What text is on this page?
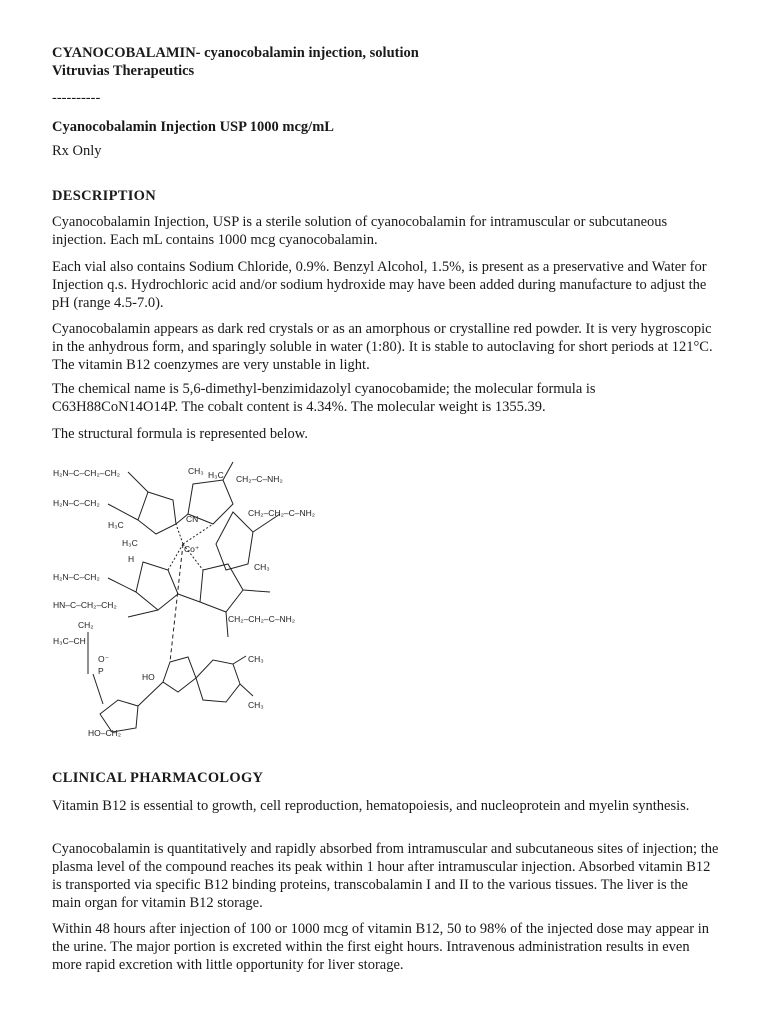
CYANOCOBALAMIN- cyanocobalamin injection, solution
Vitruvias Therapeutics
----------
Cyanocobalamin Injection USP 1000 mcg/mL
Rx Only
DESCRIPTION

Cyanocobalamin Injection, USP is a sterile solution of cyanocobalamin for intramuscular or subcutaneous injection. Each mL contains 1000 mcg cyanocobalamin.

Each vial also contains Sodium Chloride, 0.9%. Benzyl Alcohol, 1.5%, is present as a preservative and Water for Injection q.s. Hydrochloric acid and/or sodium hydroxide may have been added during manufacture to adjust the pH (range 4.5-7.0).

Cyanocobalamin appears as dark red crystals or as an amorphous or crystalline red powder. It is very hygroscopic in the anhydrous form, and sparingly soluble in water (1:80). It is stable to autoclaving for short periods at 121°C. The vitamin B12 coenzymes are very unstable in light.

The chemical name is 5,6-dimethyl-benzimidazolyl cyanocobamide; the molecular formula is C63H88CoN14O14P. The cobalt content is 4.34%. The molecular weight is 1355.39.

The structural formula is represented below.

H₂N–C–CH₂–CH₂
H₂N–C–CH₂
H₃C
H₃C
H
H₂N–C–CH₂
HN–C–CH₂–CH₂
CH₂
H₃C–CH
HO–CH₂
CH₃ H₃C CH₂–C–NH₂
CH₂–CH₂–C–NH₂
CN
Co⁺
CH₃
CH₂–CH₂–C–NH₂
O⁻
P
HO
CH₃
CH₃
CLINICAL PHARMACOLOGY

Vitamin B12 is essential to growth, cell reproduction, hematopoiesis, and nucleoprotein and myelin synthesis.

Cyanocobalamin is quantitatively and rapidly absorbed from intramuscular and subcutaneous sites of injection; the plasma level of the compound reaches its peak within 1 hour after intramuscular injection. Absorbed vitamin B12 is transported via specific B12 binding proteins, transcobalamin I and II to the various tissues. The liver is the main organ for vitamin B12 storage.

Within 48 hours after injection of 100 or 1000 mcg of vitamin B12, 50 to 98% of the injected dose may appear in the urine. The major portion is excreted within the first eight hours. Intravenous administration results in even more rapid excretion with little opportunity for liver storage.
